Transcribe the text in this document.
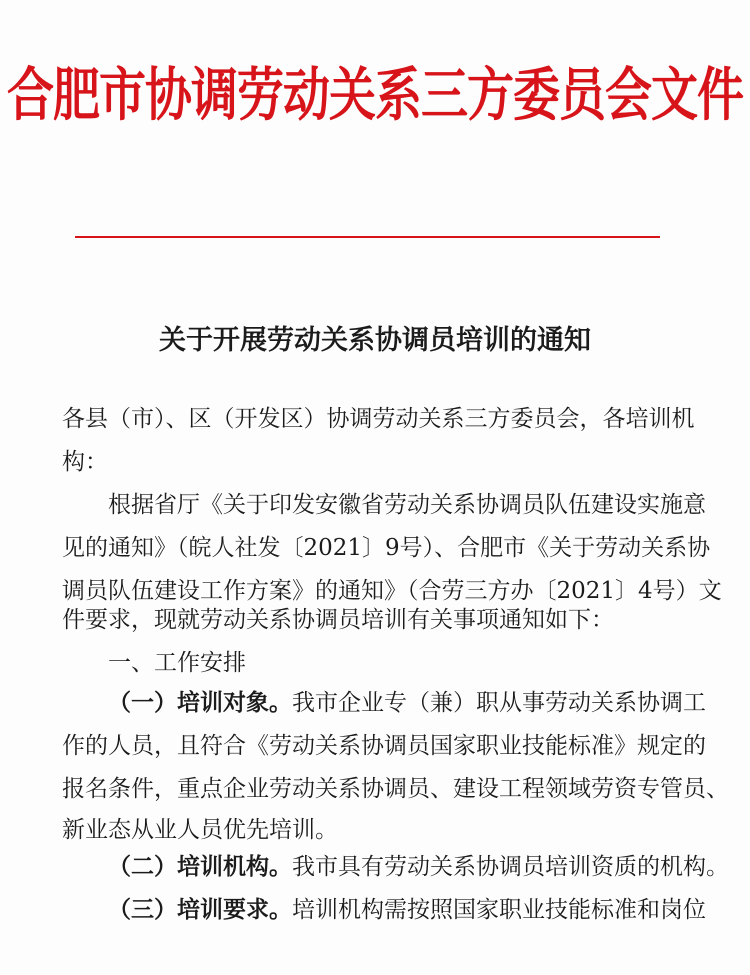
合肥市协调劳动关系三方委员会文件
关于开展劳动关系协调员培训的通知
各县（市）、区（开发区）协调劳动关系三方委员会，各培训机
构：
根据省厅《关于印发安徽省劳动关系协调员队伍建设实施意
见的通知》（皖人社发〔2021〕9号）、合肥市《关于劳动关系协
调员队伍建设工作方案》的通知》（合劳三方办〔2021〕4号）文
件要求，现就劳动关系协调员培训有关事项通知如下：
一、工作安排
（一）培训对象。我市企业专（兼）职从事劳动关系协调工
作的人员，且符合《劳动关系协调员国家职业技能标准》规定的
报名条件，重点企业劳动关系协调员、建设工程领域劳资专管员、
新业态从业人员优先培训。
（二）培训机构。我市具有劳动关系协调员培训资质的机构。
（三）培训要求。培训机构需按照国家职业技能标准和岗位
